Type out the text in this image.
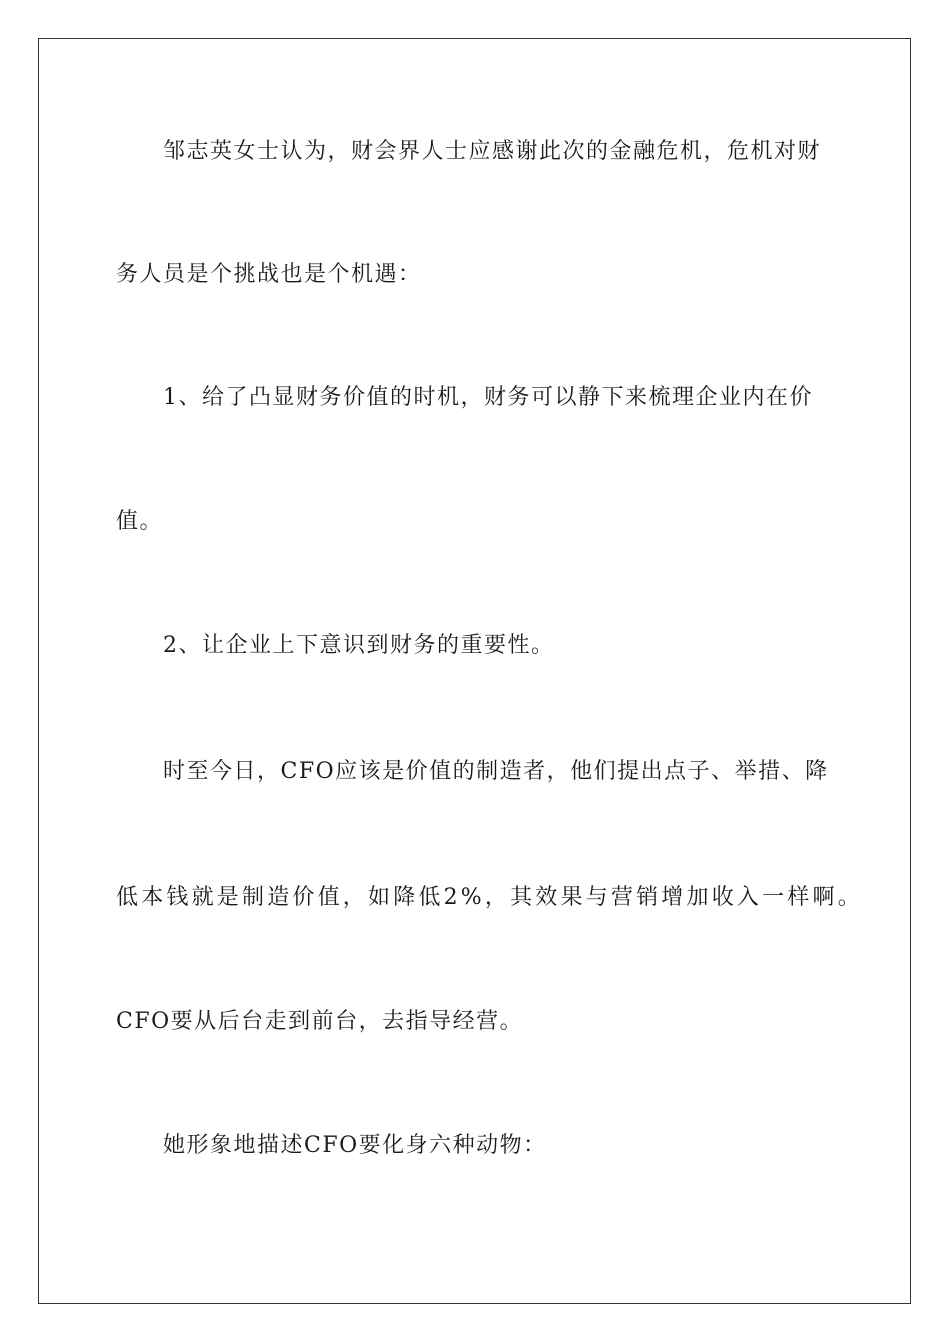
邹志英女士认为，财会界人士应感谢此次的金融危机，危机对财
务人员是个挑战也是个机遇：
1、给了凸显财务价值的时机，财务可以静下来梳理企业内在价
值。
2、让企业上下意识到财务的重要性。
时至今日，CFO应该是价值的制造者，他们提出点子、举措、降
低本钱就是制造价值，如降低2%，其效果与营销增加收入一样啊。
CFO要从后台走到前台，去指导经营。
她形象地描述CFO要化身六种动物：
